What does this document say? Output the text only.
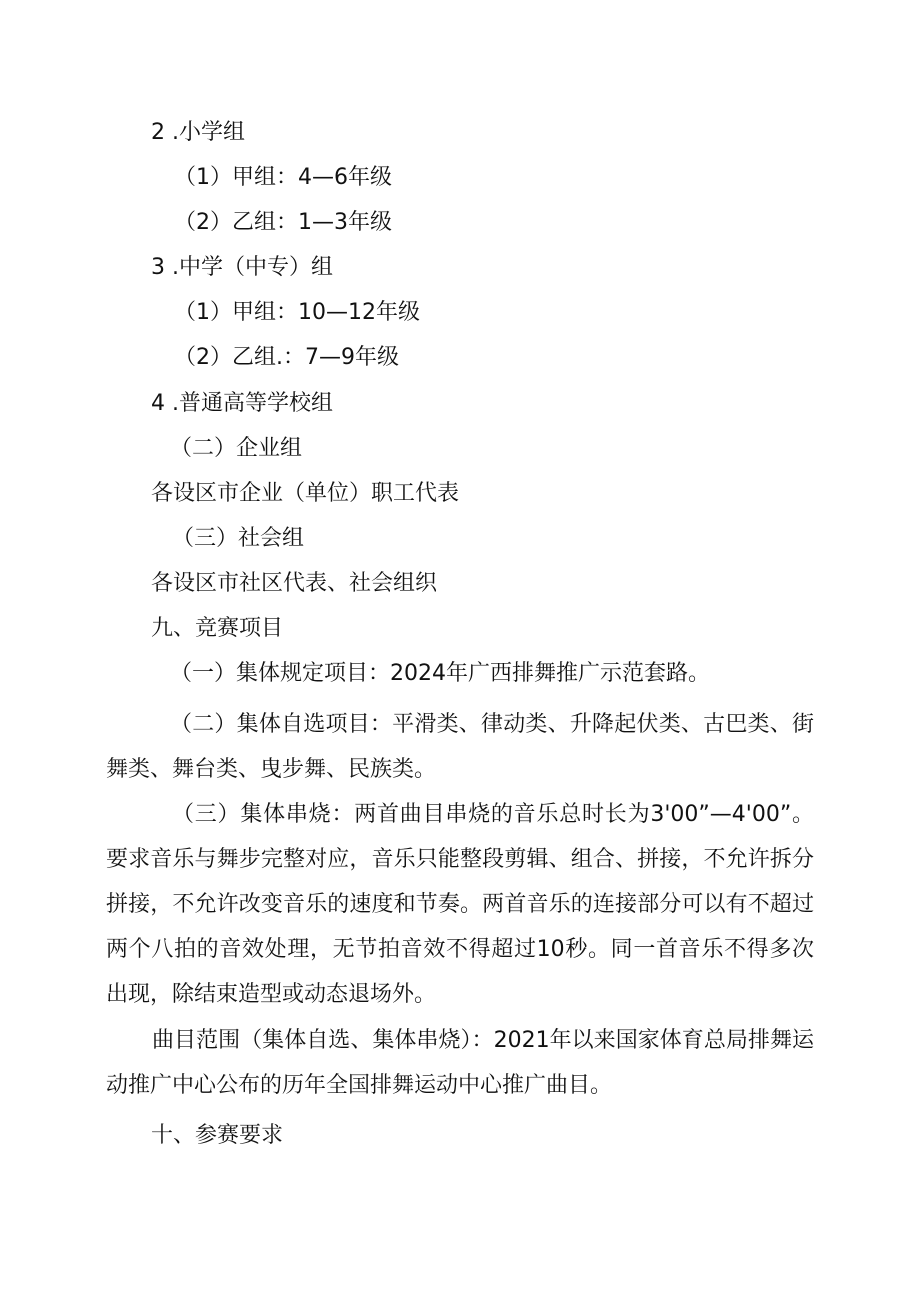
2 .小学组
（1）甲组：4—6年级
（2）乙组：1—3年级
3 .中学（中专）组
（1）甲组：10—12年级
（2）乙组.：7—9年级
4 .普通高等学校组
（二）企业组
各设区市企业（单位）职工代表
（三）社会组
各设区市社区代表、社会组织
九、竞赛项目
（一）集体规定项目：2024年广西排舞推广示范套路。
（二）集体自选项目：平滑类、律动类、升降起伏类、古巴类、街舞类、舞台类、曳步舞、民族类。
（三）集体串烧：两首曲目串烧的音乐总时长为3'00”—4'00”。要求音乐与舞步完整对应，音乐只能整段剪辑、组合、拼接，不允许拆分拼接，不允许改变音乐的速度和节奏。两首音乐的连接部分可以有不超过两个八拍的音效处理，无节拍音效不得超过10秒。同一首音乐不得多次出现，除结束造型或动态退场外。
曲目范围（集体自选、集体串烧）：2021年以来国家体育总局排舞运动推广中心公布的历年全国排舞运动中心推广曲目。
十、参赛要求
